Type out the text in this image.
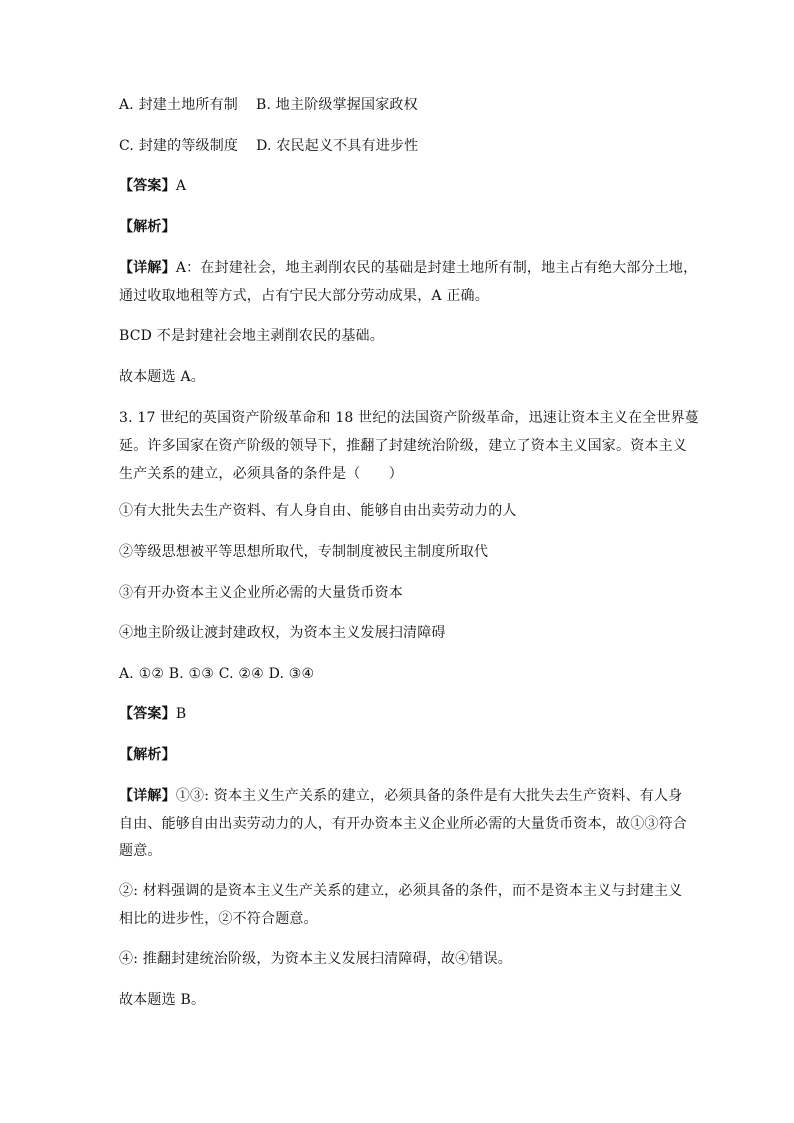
A. 封建土地所有制 B. 地主阶级掌握国家政权
C. 封建的等级制度 D. 农民起义不具有进步性
【答案】A
【解析】
【详解】A：在封建社会，地主剥削农民的基础是封建土地所有制，地主占有绝大部分土地，
通过收取地租等方式，占有宁民大部分劳动成果，A 正确。
BCD 不是封建社会地主剥削农民的基础。
故本题选 A。
3. 17 世纪的英国资产阶级革命和 18 世纪的法国资产阶级革命，迅速让资本主义在全世界蔓
延。许多国家在资产阶级的领导下，推翻了封建统治阶级，建立了资本主义国家。资本主义
生产关系的建立，必须具备的条件是（　　）
①有大批失去生产资料、有人身自由、能够自由出卖劳动力的人
②等级思想被平等思想所取代，专制制度被民主制度所取代
③有开办资本主义企业所必需的大量货币资本
④地主阶级让渡封建政权，为资本主义发展扫清障碍
A. ①② B. ①③ C. ②④ D. ③④
【答案】B
【解析】
【详解】①③: 资本主义生产关系的建立，必须具备的条件是有大批失去生产资料、有人身
自由、能够自由出卖劳动力的人，有开办资本主义企业所必需的大量货币资本，故①③符合
题意。
②: 材料强调的是资本主义生产关系的建立，必须具备的条件，而不是资本主义与封建主义
相比的进步性，②不符合题意。
④: 推翻封建统治阶级，为资本主义发展扫清障碍，故④错误。
故本题选 B。
